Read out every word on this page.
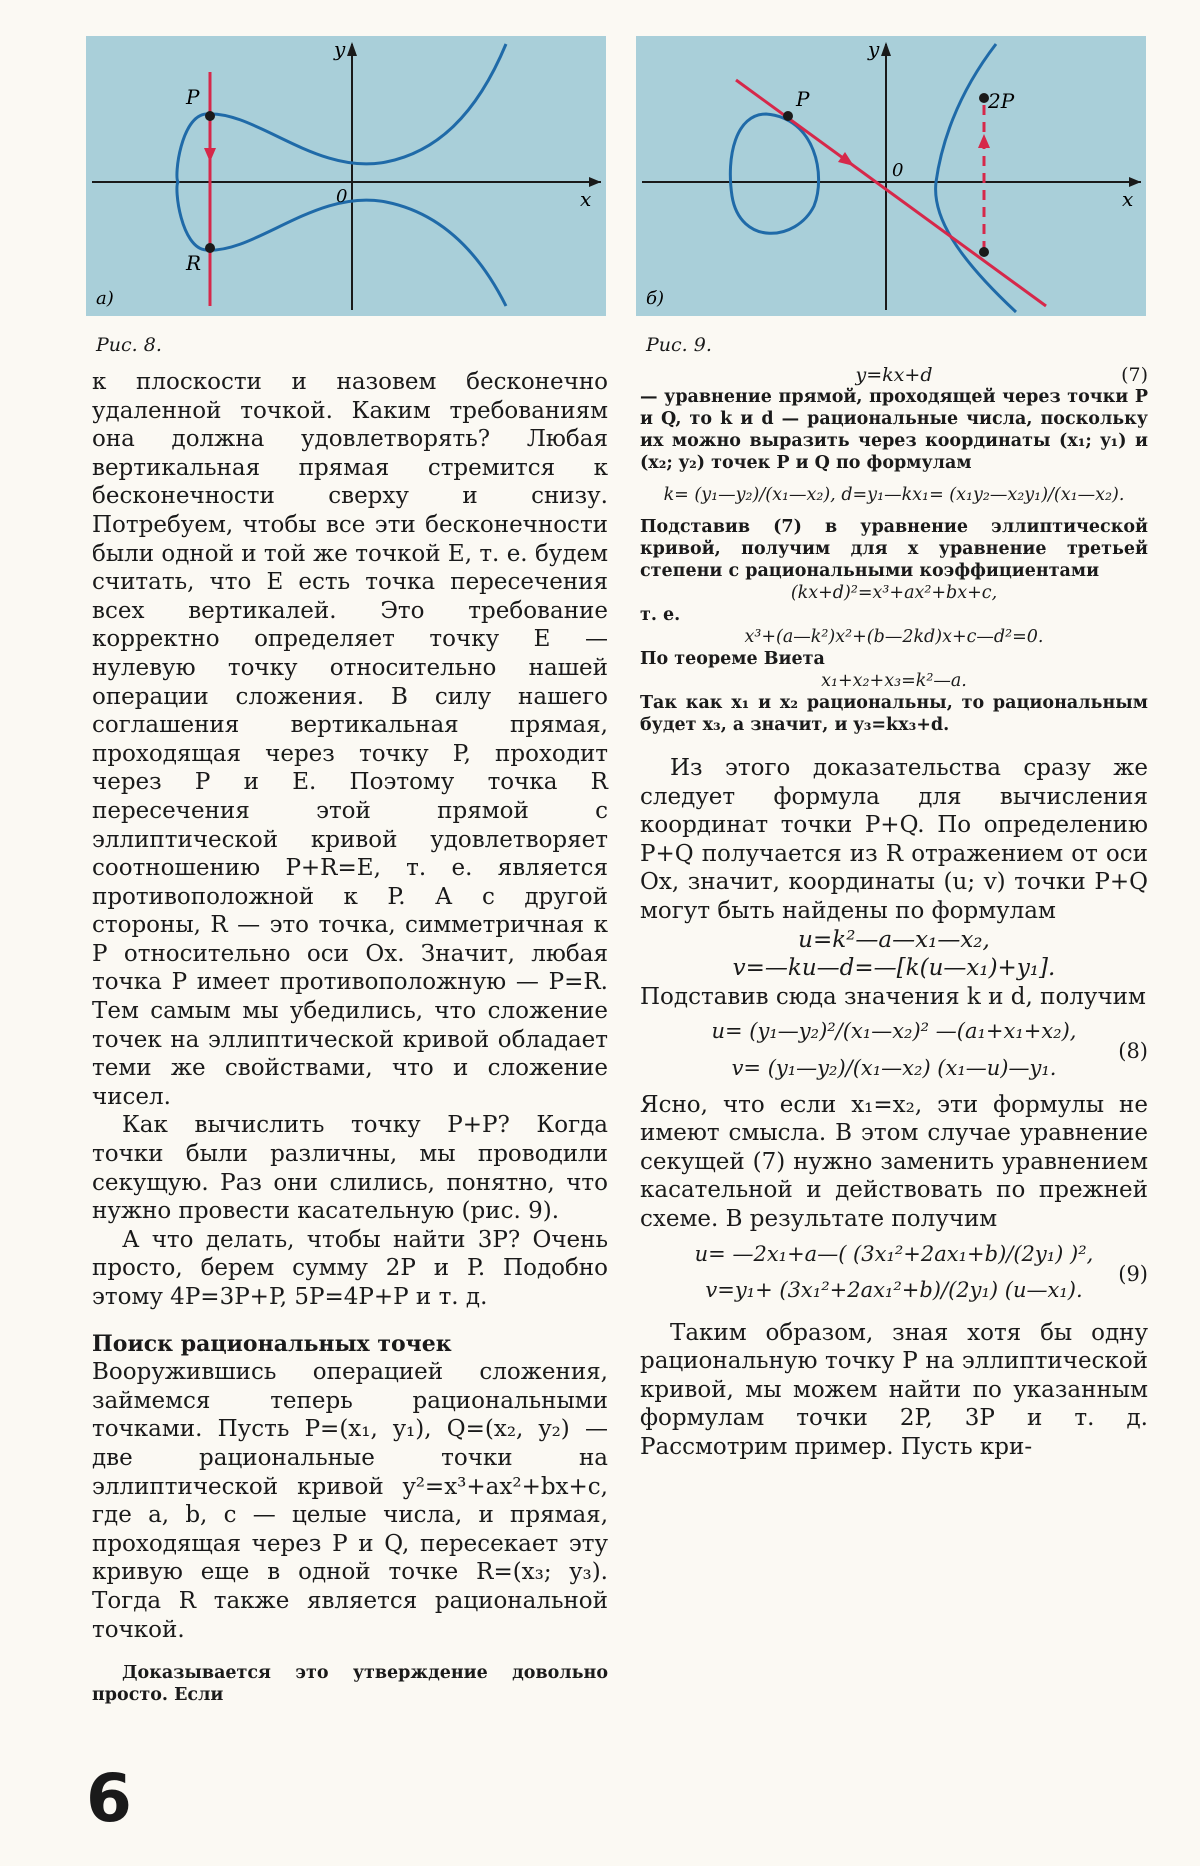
P
R
y
x
0
а)
Рис. 8.
P	2P
y
x
0
б)
Рис. 9.

к плоскости и назовем бесконечно удаленной точкой. Каким требованиям она должна удовлетворять? Любая вертикальная прямая стремится к бесконечности сверху и снизу. Потребуем, чтобы все эти бесконечности были одной и той же точкой E, т. е. будем считать, что E есть точка пересечения всех вертикалей. Это требование корректно определяет точку E — нулевую точку относительно нашей операции сложения. В силу нашего соглашения вертикальная прямая, проходящая через точку P, проходит через P и E. Поэтому точка R пересечения этой прямой с эллиптической кривой удовлетворяет соотношению P+R=E, т. е. является противоположной к P. А с другой стороны, R — это точка, симметричная к P относительно оси Ox. Значит, любая точка P имеет противоположную — P=R. Тем самым мы убедились, что сложение точек на эллиптической кривой обладает теми же свойствами, что и сложение чисел.

Как вычислить точку P+P? Когда точки были различны, мы проводили секущую. Раз они слились, понятно, что нужно провести касательную (рис. 9).

А что делать, чтобы найти 3P? Очень просто, берем сумму 2P и P. Подобно этому 4P=3P+P, 5P=4P+P и т. д.

Поиск рациональных точек

Вооружившись операцией сложения, займемся теперь рациональными точками. Пусть P=(x₁, y₁), Q=(x₂, y₂) — две рациональные точки на эллиптической кривой y²=x³+ax²+bx+c, где a, b, c — целые числа, и прямая, проходящая через P и Q, пересекает эту кривую еще в одной точке R=(x₃; y₃). Тогда R также является рациональной точкой.

Доказывается это утверждение довольно просто. Если

y=kx+d	(7)

— уравнение прямой, проходящей через точки P и Q, то k и d — рациональные числа, поскольку их можно выразить через координаты (x₁; y₁) и (x₂; y₂) точек P и Q по формулам

k= (y₁—y₂)/(x₁—x₂), d=y₁—kx₁= (x₁y₂—x₂y₁)/(x₁—x₂).

Подставив (7) в уравнение эллиптической кривой, получим для x уравнение третьей степени с рациональными коэффициентами

(kx+d)²=x³+ax²+bx+c,

т. е.

x³+(a—k²)x²+(b—2kd)x+c—d²=0.

По теореме Виета

x₁+x₂+x₃=k²—a.

Так как x₁ и x₂ рациональны, то рациональным будет x₃, а значит, и y₃=kx₃+d.

Из этого доказательства сразу же следует формула для вычисления координат точки P+Q. По определению P+Q получается из R отражением от оси Ox, значит, координаты (u; v) точки P+Q могут быть найдены по формулам

u=k²—a—x₁—x₂,
v=—ku—d=—[k(u—x₁)+y₁].

Подставив сюда значения k и d, получим

u= (y₁—y₂)²/(x₁—x₂)² —(a₁+x₁+x₂),
v= (y₁—y₂)/(x₁—x₂) (x₁—u)—y₁.
(8)

Ясно, что если x₁=x₂, эти формулы не имеют смысла. В этом случае уравнение секущей (7) нужно заменить уравнением касательной и действовать по прежней схеме. В результате получим

u= —2x₁+a—( (3x₁²+2ax₁+b)/(2y₁) )²,
v=y₁+ (3x₁²+2ax₁²+b)/(2y₁) (u—x₁).
(9)

Таким образом, зная хотя бы одну рациональную точку P на эллиптической кривой, мы можем найти по указанным формулам точки 2P, 3P и т. д. Рассмотрим пример. Пусть кри-

6
